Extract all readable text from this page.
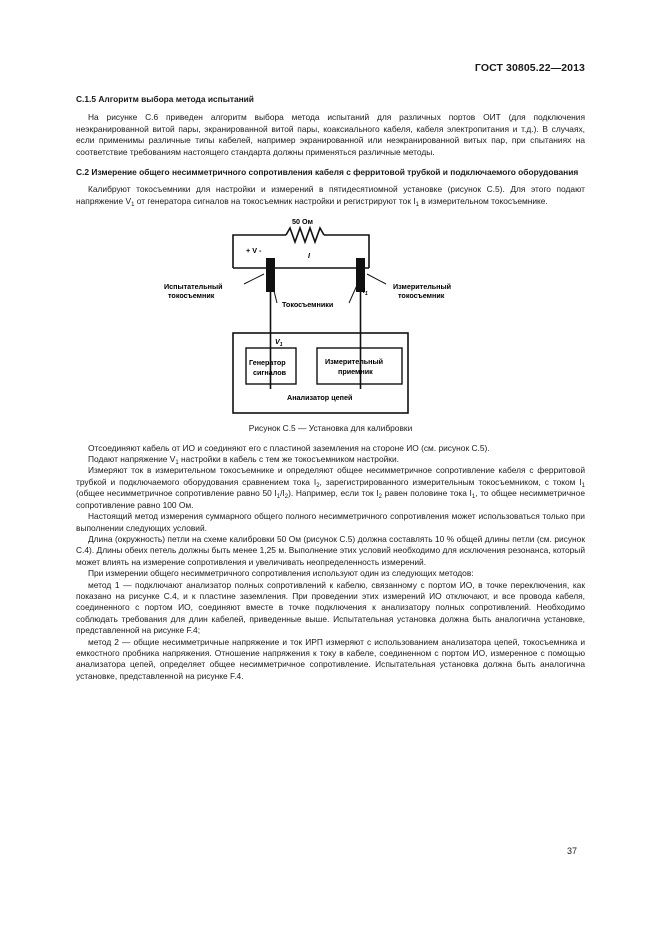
ГОСТ 30805.22—2013
С.1.5 Алгоритм выбора метода испытаний

На рисунке С.6 приведен алгоритм выбора метода испытаний для различных портов ОИТ (для подключения неэкранированной витой пары, экранированной витой пары, коаксиального кабеля, кабеля электропитания и т.д.). В случаях, если применимы различные типы кабелей, например экранированной или неэкранированной витых пар, при спытаниях на соответствие требованиям настоящего стандарта должны применяться различные методы.

С.2 Измерение общего несимметричного сопротивления кабеля с ферритовой трубкой и подключаемого оборудования

Калибруют токосъемники для настройки и измерений в пятидесятиомной установке (рисунок С.5). Для этого подают напряжение $V_1$ от генератора сигналов на токосъемник настройки и регистрируют ток $I_1$ в измерительном токосъемнике.

50 Ом
+ V -
I
Испытательный
токосъемник
Токосъемники
$I_1$
Измерительный
токосъемник
$V_1$
Генератор
сигналов
Измерительный
приемник
Анализатор цепей

Рисунок С.5 — Установка для калибровки

Отсоединяют кабель от ИО и соединяют его с пластиной заземления на стороне ИО (см. рисунок С.5).

Подают напряжение $V_1$ настройки в кабель с тем же токосъемником настройки.

Измеряют ток в измерительном токосъемнике и определяют общее несимметричное сопротивление кабеля с ферритовой трубкой и подключаемого оборудования сравнением тока $I_2$, зарегистрированного измерительным токосъемником, с током $I_1$ (общее несимметричное сопротивление равно 50 $I_1/I_2$). Например, если ток $I_2$ равен половине тока $I_1$, то общее несимметричное сопротивление равно 100 Ом.

Настоящий метод измерения суммарного общего полного несимметричного сопротивления может использоваться только при выполнении следующих условий.

Длина (окружность) петли на схеме калибровки 50 Ом (рисунок С.5) должна составлять 10 % общей длины петли (см. рисунок С.4). Длины обеих петель должны быть менее 1,25 м. Выполнение этих условий необходимо для исключения резонанса, который может влиять на измерение сопротивления и увеличивать неопределенность измерений.

При измерении общего несимметричного сопротивления используют один из следующих методов:

метод 1 — подключают анализатор полных сопротивлений к кабелю, связанному с портом ИО, в точке переключения, как показано на рисунке С.4, и к пластине заземления. При проведении этих измерений ИО отключают, и все провода кабеля, соединенного с портом ИО, соединяют вместе в точке подключения к анализатору полных сопротивлений. Необходимо соблюдать требования для длин кабелей, приведенные выше. Испытательная установка должна быть аналогична установке, представленной на рисунке F.4;

метод 2 — общие несимметричные напряжение и ток ИРП измеряют с использованием анализатора цепей, токосъемника и емкостного пробника напряжения. Отношение напряжения к току в кабеле, соединенном с портом ИО, измеренное с помощью анализатора цепей, определяет общее несимметричное сопротивление. Испытательная установка должна быть аналогична установке, представленной на рисунке F.4.

37
